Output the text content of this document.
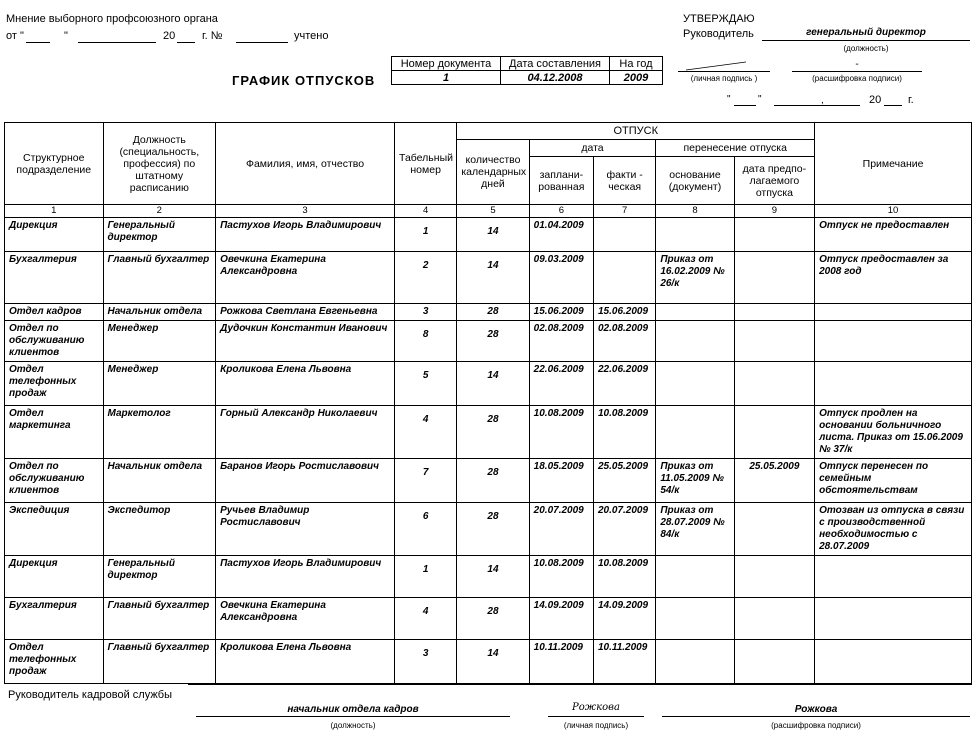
Мнение выборного профсоюзного органа
от "	"	20 г. №	учтено
ГРАФИК ОТПУСКОВ
Номер документа	Дата составления	На год
1	04.12.2008	2009
УТВЕРЖДАЮ
Руководитель	генеральный директор
(должность)
(личная подпись )
-
(расшифровка подписи)
"	"	,	20 г.
Структурное подразделение	Должность (специальность, профессия) по штатному расписанию	Фамилия, имя, отчество	Табельный номер	ОТПУСК					Примечание
				количество календарных дней	дата		перенесение отпуска		
					заплани-рованная	факти - ческая	основание (документ)	дата предпо-лагаемого отпуска	
1	2	3	4	5	6	7	8	9	10
Дирекция	Генеральный директор	Пастухов Игорь Владимирович	1	14	01.04.2009				Отпуск не предоставлен
Бухгалтерия	Главный бухгалтер	Овечкина Екатерина Александровна	2	14	09.03.2009		Приказ от 16.02.2009 № 26/к		Отпуск предоставлен за 2008 год
Отдел кадров	Начальник отдела	Рожкова Светлана Евгеньевна	3	28	15.06.2009	15.06.2009			
Отдел по обслуживанию клиентов	Менеджер	Дудочкин Константин Иванович	8	28	02.08.2009	02.08.2009			
Отдел телефонных продаж	Менеджер	Кроликова Елена Львовна	5	14	22.06.2009	22.06.2009			
Отдел маркетинга	Маркетолог	Горный Александр Николаевич	4	28	10.08.2009	10.08.2009			Отпуск продлен на основании больничного листа. Приказ от 15.06.2009 № 37/к
Отдел по обслуживанию клиентов	Начальник отдела	Баранов Игорь Ростиславович	7	28	18.05.2009	25.05.2009	Приказ от 11.05.2009 № 54/к	25.05.2009	Отпуск перенесен по семейным обстоятельствам
Экспедиция	Экспедитор	Ручьев Владимир Ростиславович	6	28	20.07.2009	20.07.2009	Приказ от 28.07.2009 № 84/к		Отозван из отпуска в связи с производственной необходимостью с 28.07.2009
Дирекция	Генеральный директор	Пастухов Игорь Владимирович	1	14	10.08.2009	10.08.2009			
Бухгалтерия	Главный бухгалтер	Овечкина Екатерина Александровна	4	28	14.09.2009	14.09.2009			
Отдел телефонных продаж	Главный бухгалтер	Кроликова Елена Львовна	3	14	10.11.2009	10.11.2009			
Руководитель кадровой службы
начальник отдела кадров
(должность)
Рожкова
(личная подпись)
Рожкова
(расшифровка подписи)
